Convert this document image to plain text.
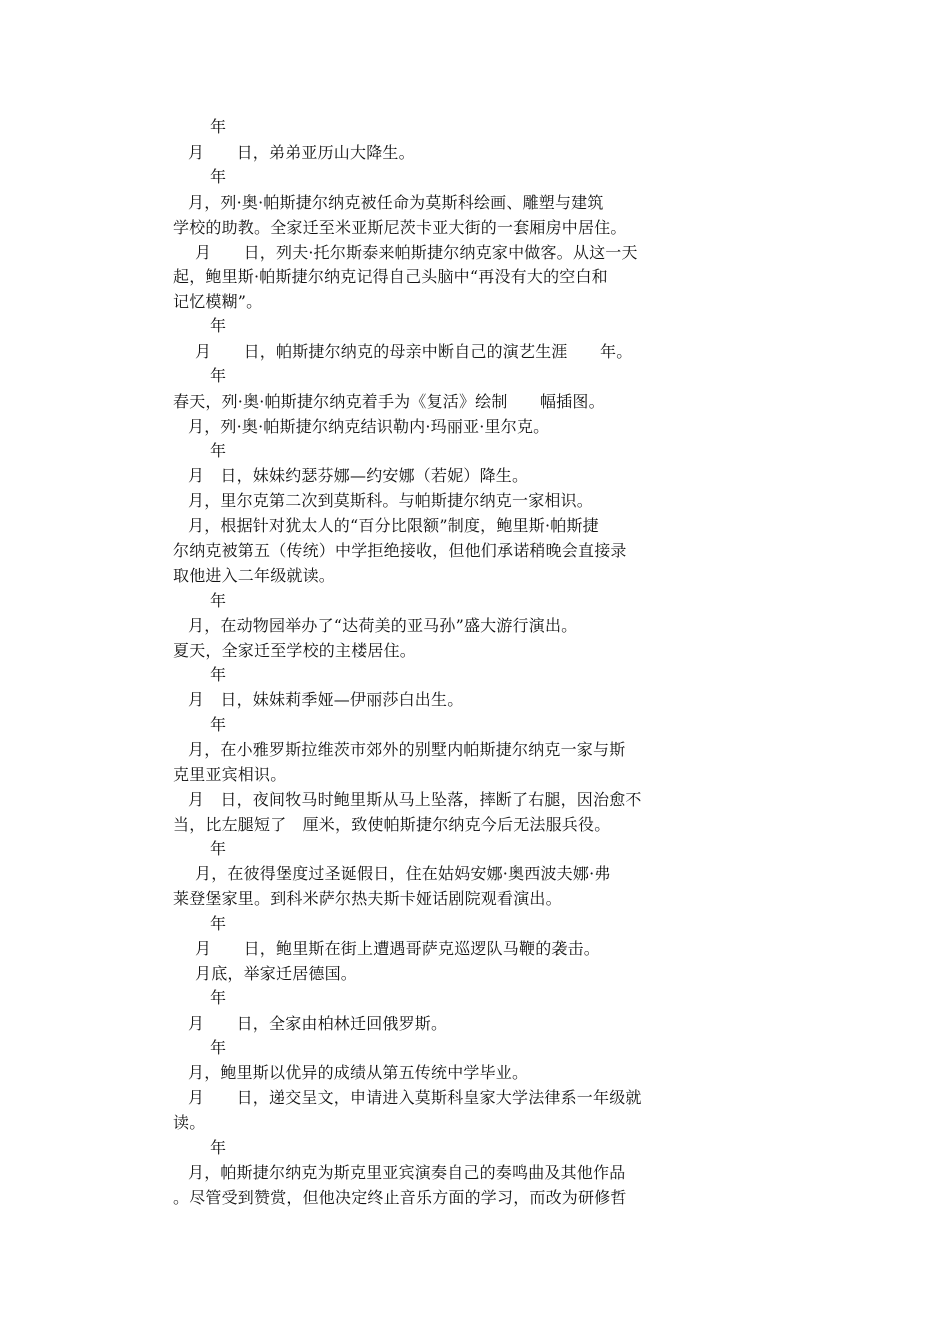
年
月　　日，弟弟亚历山大降生。
年
月，列·奥·帕斯捷尔纳克被任命为莫斯科绘画、雕塑与建筑
学校的助教。全家迁至米亚斯尼茨卡亚大街的一套厢房中居住。
月　　日，列夫·托尔斯泰来帕斯捷尔纳克家中做客。从这一天
起，鲍里斯·帕斯捷尔纳克记得自己头脑中“再没有大的空白和
记忆模糊”。
年
月　　日，帕斯捷尔纳克的母亲中断自己的演艺生涯　　年。
年
春天，列·奥·帕斯捷尔纳克着手为《复活》绘制　　幅插图。
月，列·奥·帕斯捷尔纳克结识勒内·玛丽亚·里尔克。
年
月　日，妹妹约瑟芬娜—约安娜（若妮）降生。
月，里尔克第二次到莫斯科。与帕斯捷尔纳克一家相识。
月，根据针对犹太人的“百分比限额”制度，鲍里斯·帕斯捷
尔纳克被第五（传统）中学拒绝接收，但他们承诺稍晚会直接录
取他进入二年级就读。
年
月，在动物园举办了“达荷美的亚马孙”盛大游行演出。
夏天，全家迁至学校的主楼居住。
年
月　日，妹妹莉季娅—伊丽莎白出生。
年
月，在小雅罗斯拉维茨市郊外的别墅内帕斯捷尔纳克一家与斯
克里亚宾相识。
月　日，夜间牧马时鲍里斯从马上坠落，摔断了右腿，因治愈不
当，比左腿短了　厘米，致使帕斯捷尔纳克今后无法服兵役。
年
月，在彼得堡度过圣诞假日，住在姑妈安娜·奥西波夫娜·弗
莱登堡家里。到科米萨尔热夫斯卡娅话剧院观看演出。
年
月　　日，鲍里斯在街上遭遇哥萨克巡逻队马鞭的袭击。
月底，举家迁居德国。
年
月　　日，全家由柏林迁回俄罗斯。
年
月，鲍里斯以优异的成绩从第五传统中学毕业。
月　　日，递交呈文，申请进入莫斯科皇家大学法律系一年级就
读。
年
月，帕斯捷尔纳克为斯克里亚宾演奏自己的奏鸣曲及其他作品
。尽管受到赞赏，但他决定终止音乐方面的学习，而改为研修哲
